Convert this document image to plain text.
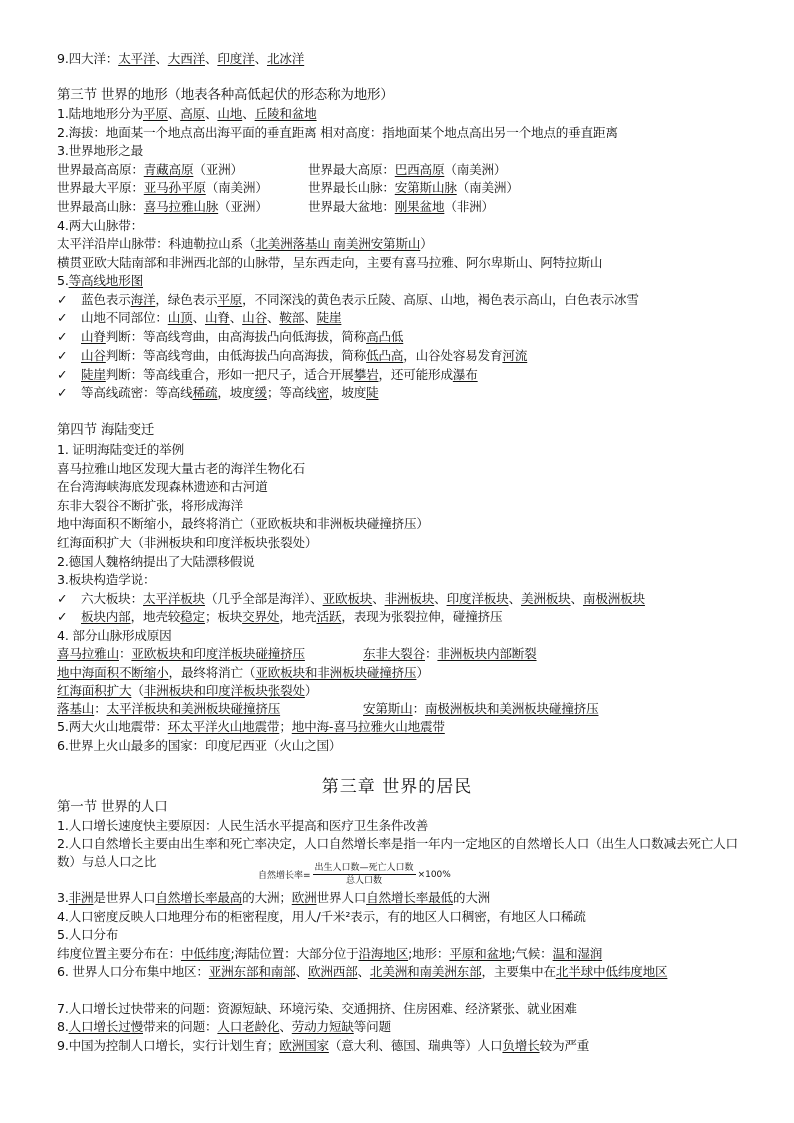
9.四大洋：太平洋、大西洋、印度洋、北冰洋
第三节 世界的地形（地表各种高低起伏的形态称为地形）
1.陆地地形分为平原、高原、山地、丘陵和盆地
2.海拔：地面某一个地点高出海平面的垂直距离 相对高度：指地面某个地点高出另一个地点的垂直距离
3.世界地形之最
世界最高高原：青藏高原（亚洲）	世界最大高原：巴西高原（南美洲）
世界最大平原：亚马孙平原（南美洲）	世界最长山脉：安第斯山脉（南美洲）
世界最高山脉：喜马拉雅山脉（亚洲）	世界最大盆地：刚果盆地（非洲）
4.两大山脉带：
太平洋沿岸山脉带：科迪勒拉山系（北美洲落基山 南美洲安第斯山）
横贯亚欧大陆南部和非洲西北部的山脉带，呈东西走向，主要有喜马拉雅、阿尔卑斯山、阿特拉斯山
5.等高线地形图
✓ 蓝色表示海洋，绿色表示平原，不同深浅的黄色表示丘陵、高原、山地，褐色表示高山，白色表示冰雪
✓ 山地不同部位：山顶、山脊、山谷、鞍部、陡崖
✓ 山脊判断：等高线弯曲，由高海拔凸向低海拔，简称高凸低
✓ 山谷判断：等高线弯曲，由低海拔凸向高海拔，简称低凸高，山谷处容易发育河流
✓ 陡崖判断：等高线重合，形如一把尺子，适合开展攀岩，还可能形成瀑布
✓ 等高线疏密：等高线稀疏，坡度缓；等高线密，坡度陡
第四节 海陆变迁
1. 证明海陆变迁的举例
喜马拉雅山地区发现大量古老的海洋生物化石
在台湾海峡海底发现森林遗迹和古河道
东非大裂谷不断扩张，将形成海洋
地中海面积不断缩小，最终将消亡（亚欧板块和非洲板块碰撞挤压）
红海面积扩大（非洲板块和印度洋板块张裂处）
2.德国人魏格纳提出了大陆漂移假说
3.板块构造学说：
✓ 六大板块：太平洋板块（几乎全部是海洋）、亚欧板块、非洲板块、印度洋板块、美洲板块、南极洲板块
✓ 板块内部，地壳较稳定；板块交界处，地壳活跃，表现为张裂拉伸，碰撞挤压
4. 部分山脉形成原因
喜马拉雅山：亚欧板块和印度洋板块碰撞挤压	东非大裂谷：非洲板块内部断裂
地中海面积不断缩小，最终将消亡（亚欧板块和非洲板块碰撞挤压）
红海面积扩大（非洲板块和印度洋板块张裂处）
落基山：太平洋板块和美洲板块碰撞挤压	安第斯山：南极洲板块和美洲板块碰撞挤压
5.两大火山地震带：环太平洋火山地震带；地中海-喜马拉雅火山地震带
6.世界上火山最多的国家：印度尼西亚（火山之国）
第三章 世界的居民
第一节 世界的人口
1.人口增长速度快主要原因：人民生活水平提高和医疗卫生条件改善
2.人口自然增长主要由出生率和死亡率决定，人口自然增长率是指一年内一定地区的自然增长人口（出生人口数减去死亡人口数）与总人口之比
自然增长率= $\frac{\text{出生人口数—死亡人口数}}{\text{总人口数}} \times 100\%$
3.非洲是世界人口自然增长率最高的大洲；欧洲世界人口自然增长率最低的大洲
4.人口密度反映人口地理分布的柜密程度，用人/千米²表示，有的地区人口稠密，有地区人口稀疏
5.人口分布
纬度位置主要分布在：中低纬度;海陆位置：大部分位于沿海地区;地形：平原和盆地;气候：温和湿润
6. 世界人口分布集中地区：亚洲东部和南部、欧洲西部、北美洲和南美洲东部，主要集中在北半球中低纬度地区
7.人口增长过快带来的问题：资源短缺、环境污染、交通拥挤、住房困难、经济紧张、就业困难
8.人口增长过慢带来的问题：人口老龄化、劳动力短缺等问题
9.中国为控制人口增长，实行计划生育；欧洲国家（意大利、德国、瑞典等）人口负增长较为严重
